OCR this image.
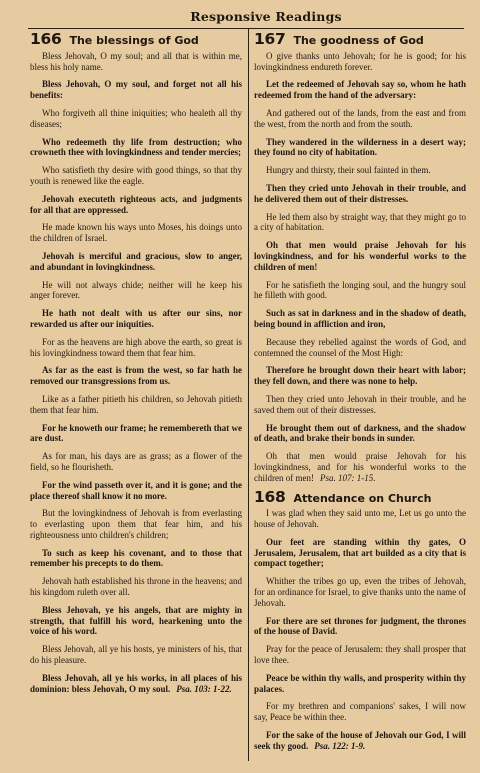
Responsive Readings
166 The blessings of God

Bless Jehovah, O my soul; and all that is within me, bless his holy name.

Bless Jehovah, O my soul, and forget not all his benefits:

Who forgiveth all thine iniquities; who healeth all thy diseases;

Who redeemeth thy life from destruction; who crowneth thee with lovingkindness and tender mercies;

Who satisfieth thy desire with good things, so that thy youth is renewed like the eagle.

Jehovah executeth righteous acts, and judgments for all that are oppressed.

He made known his ways unto Moses, his doings unto the children of Israel.

Jehovah is merciful and gracious, slow to anger, and abundant in lovingkindness.

He will not always chide; neither will he keep his anger forever.

He hath not dealt with us after our sins, nor rewarded us after our iniquities.

For as the heavens are high above the earth, so great is his lovingkindness toward them that fear him.

As far as the east is from the west, so far hath he removed our transgressions from us.

Like as a father pitieth his children, so Jehovah pitieth them that fear him.

For he knoweth our frame; he remembereth that we are dust.

As for man, his days are as grass; as a flower of the field, so he flourisheth.

For the wind passeth over it, and it is gone; and the place thereof shall know it no more.

But the lovingkindness of Jehovah is from everlasting to everlasting upon them that fear him, and his righteousness unto children's children;

To such as keep his covenant, and to those that remember his precepts to do them.

Jehovah hath established his throne in the heavens; and his kingdom ruleth over all.

Bless Jehovah, ye his angels, that are mighty in strength, that fulfill his word, hearkening unto the voice of his word.

Bless Jehovah, all ye his hosts, ye ministers of his, that do his pleasure.

Bless Jehovah, all ye his works, in all places of his dominion: bless Jehovah, O my soul. Psa. 103: 1-22.

167 The goodness of God

O give thanks unto Jehovah; for he is good; for his lovingkindness endureth forever.

Let the redeemed of Jehovah say so, whom he hath redeemed from the hand of the adversary:

And gathered out of the lands, from the east and from the west, from the north and from the south.

They wandered in the wilderness in a desert way; they found no city of habitation.

Hungry and thirsty, their soul fainted in them.

Then they cried unto Jehovah in their trouble, and he delivered them out of their distresses.

He led them also by straight way, that they might go to a city of habitation.

Oh that men would praise Jehovah for his lovingkindness, and for his wonderful works to the children of men!

For he satisfieth the longing soul, and the hungry soul he filleth with good.

Such as sat in darkness and in the shadow of death, being bound in affliction and iron,

Because they rebelled against the words of God, and contemned the counsel of the Most High:

Therefore he brought down their heart with labor; they fell down, and there was none to help.

Then they cried unto Jehovah in their trouble, and he saved them out of their distresses.

He brought them out of darkness, and the shadow of death, and brake their bonds in sunder.

Oh that men would praise Jehovah for his lovingkindness, and for his wonderful works to the children of men! Psa. 107: 1-15.

168 Attendance on Church

I was glad when they said unto me, Let us go unto the house of Jehovah.

Our feet are standing within thy gates, O Jerusalem, Jerusalem, that art builded as a city that is compact together;

Whither the tribes go up, even the tribes of Jehovah, for an ordinance for Israel, to give thanks unto the name of Jehovah.

For there are set thrones for judgment, the thrones of the house of David.

Pray for the peace of Jerusalem: they shall prosper that love thee.

Peace be within thy walls, and prosperity within thy palaces.

For my brethren and companions' sakes, I will now say, Peace be within thee.

For the sake of the house of Jehovah our God, I will seek thy good. Psa. 122: 1-9.
